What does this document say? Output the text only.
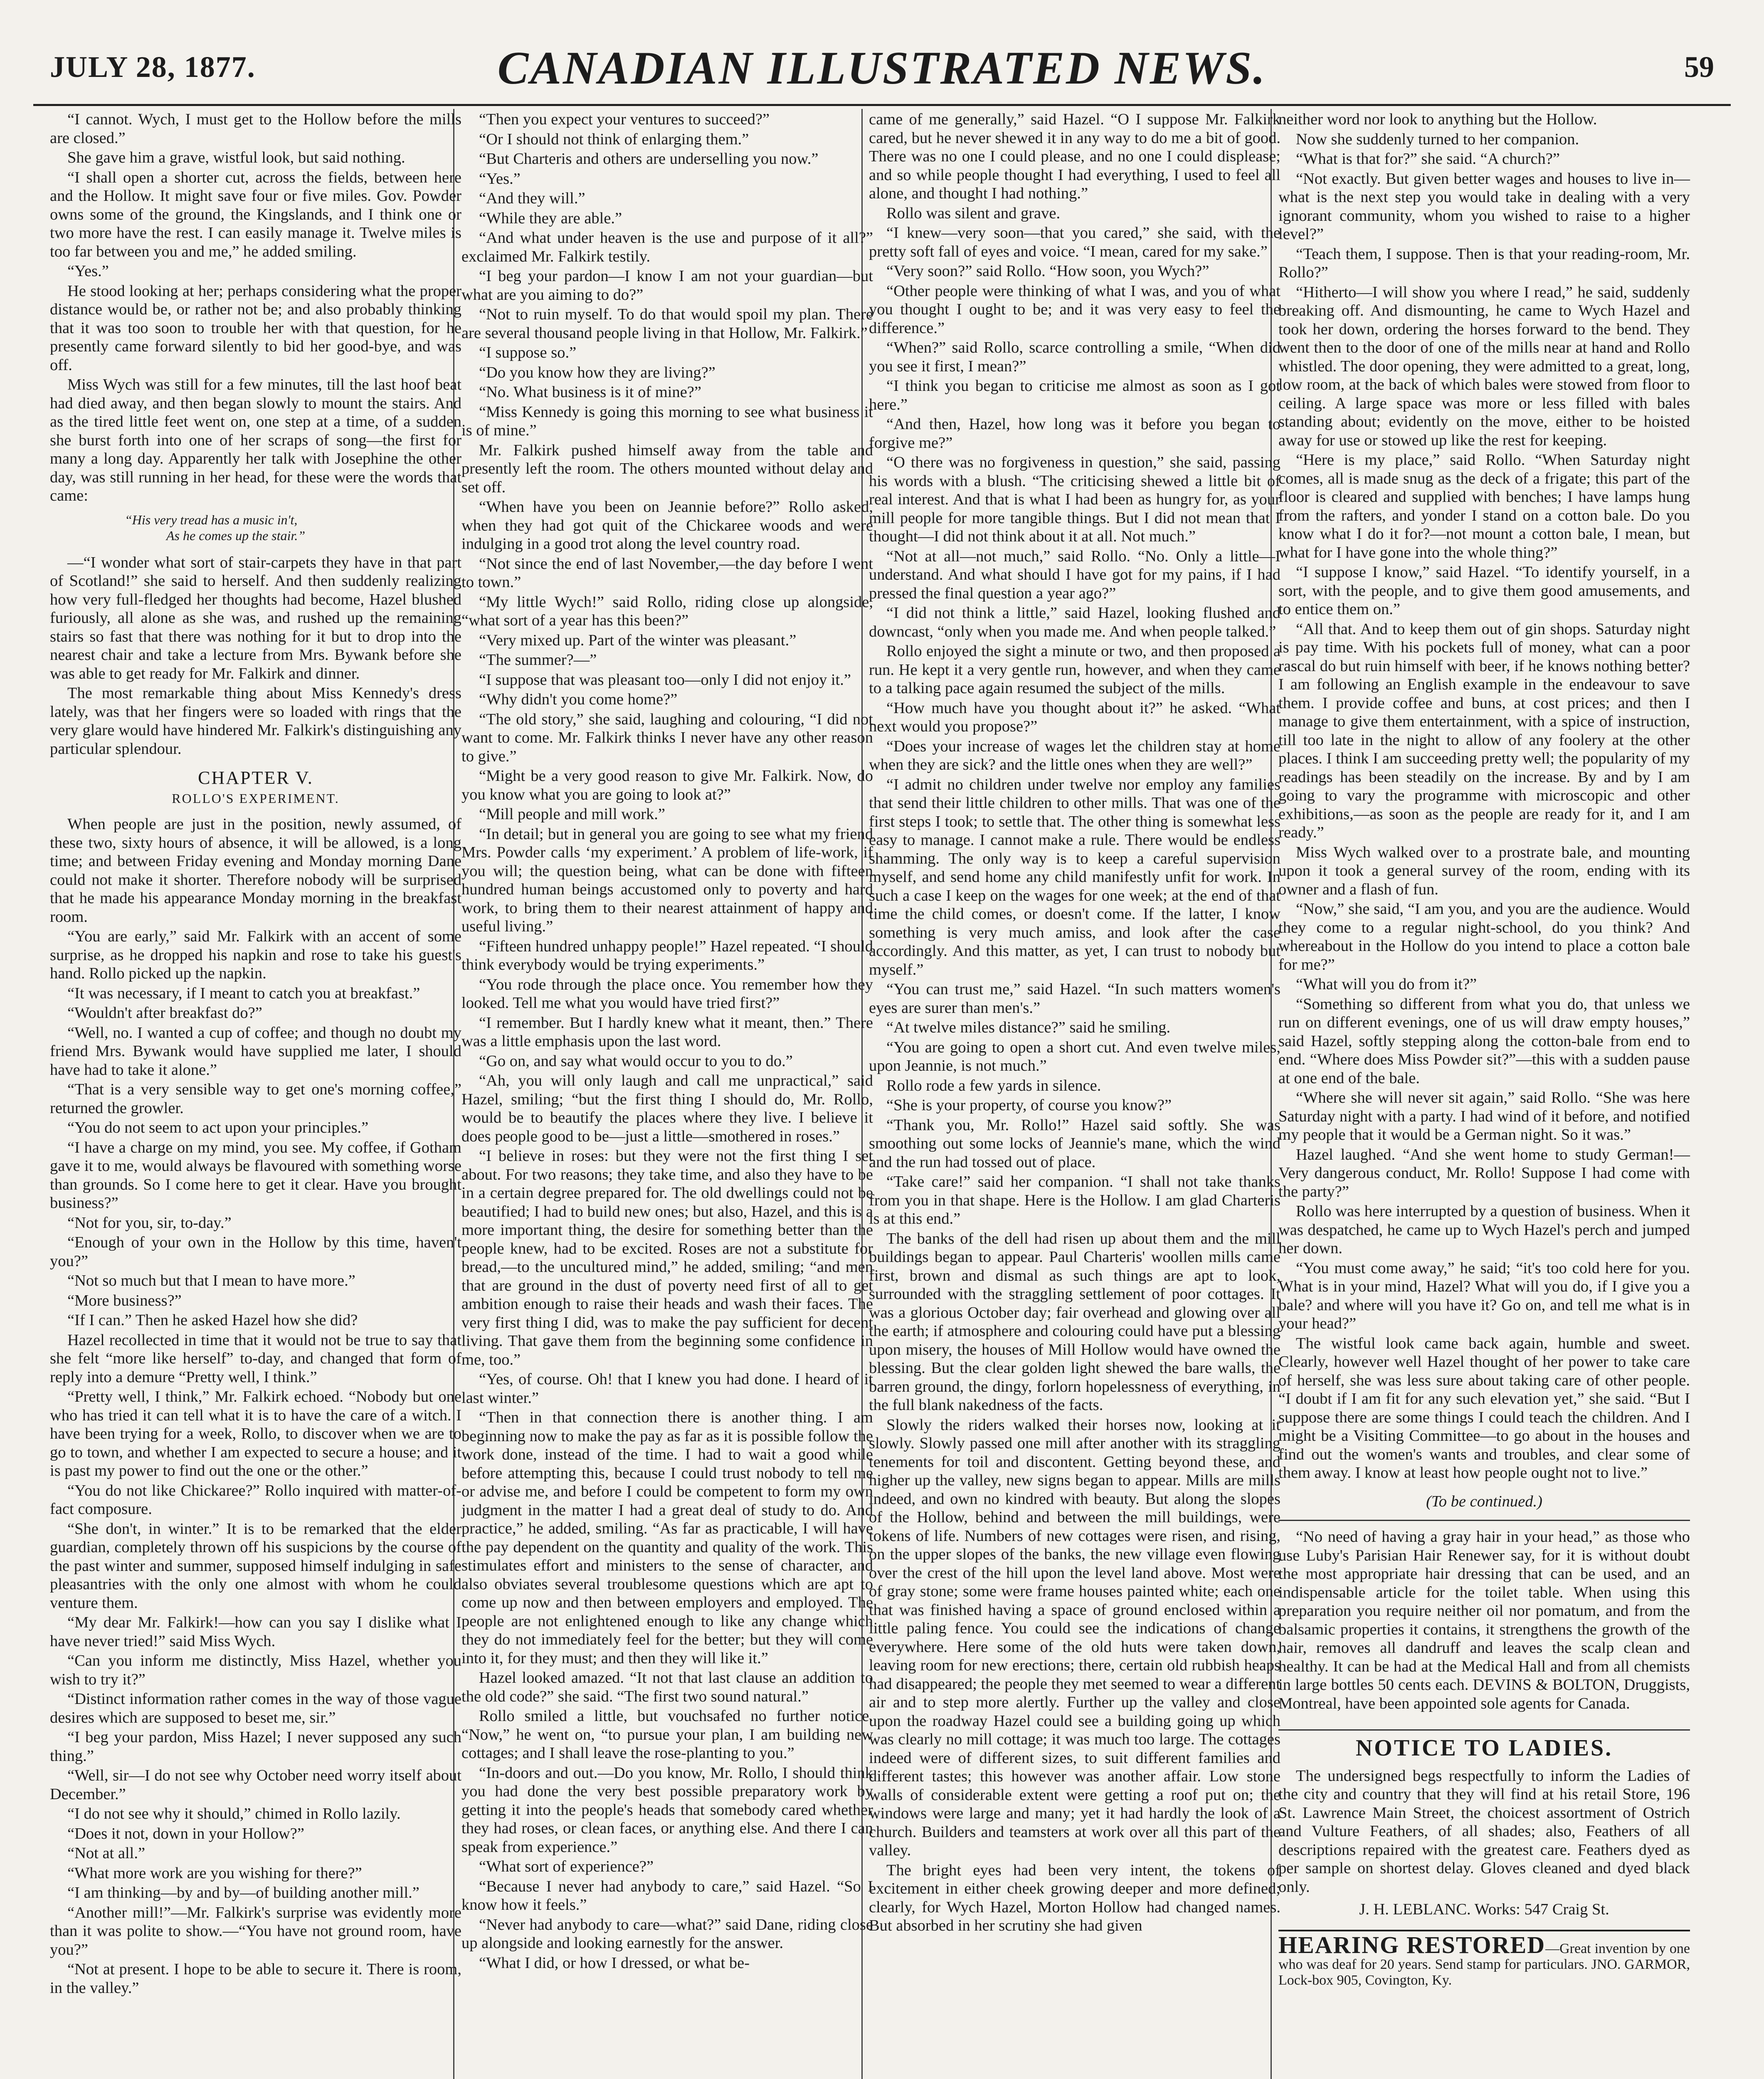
JULY 28, 1877.	CANADIAN ILLUSTRATED NEWS.	59

“I cannot. Wych, I must get to the Hollow before the mills are closed.”

She gave him a grave, wistful look, but said nothing.

“I shall open a shorter cut, across the fields, between here and the Hollow. It might save four or five miles. Gov. Powder owns some of the ground, the Kingslands, and I think one or two more have the rest. I can easily manage it. Twelve miles is too far between you and me,” he added smiling.

“Yes.”

He stood looking at her; perhaps considering what the proper distance would be, or rather not be; and also probably thinking that it was too soon to trouble her with that question, for he presently came forward silently to bid her good-bye, and was off.

Miss Wych was still for a few minutes, till the last hoof beat had died away, and then began slowly to mount the stairs. And as the tired little feet went on, one step at a time, of a sudden she burst forth into one of her scraps of song—the first for many a long day. Apparently her talk with Josephine the other day, was still running in her head, for these were the words that came:

“His very tread has a music in't,
As he comes up the stair.”

—“I wonder what sort of stair-carpets they have in that part of Scotland!” she said to herself. And then suddenly realizing how very full-fledged her thoughts had become, Hazel blushed furiously, all alone as she was, and rushed up the remaining stairs so fast that there was nothing for it but to drop into the nearest chair and take a lecture from Mrs. Bywank before she was able to get ready for Mr. Falkirk and dinner.

The most remarkable thing about Miss Kennedy's dress lately, was that her fingers were so loaded with rings that the very glare would have hindered Mr. Falkirk's distinguishing any particular splendour.

CHAPTER V.
ROLLO'S EXPERIMENT.

When people are just in the position, newly assumed, of these two, sixty hours of absence, it will be allowed, is a long time; and between Friday evening and Monday morning Dane could not make it shorter. Therefore nobody will be surprised that he made his appearance Monday morning in the breakfast room.

“You are early,” said Mr. Falkirk with an accent of some surprise, as he dropped his napkin and rose to take his guest's hand. Rollo picked up the napkin.

“It was necessary, if I meant to catch you at breakfast.”

“Wouldn't after breakfast do?”

“Well, no. I wanted a cup of coffee; and though no doubt my friend Mrs. Bywank would have supplied me later, I should have had to take it alone.”

“That is a very sensible way to get one's morning coffee,” returned the growler.

“You do not seem to act upon your principles.”

“I have a charge on my mind, you see. My coffee, if Gotham gave it to me, would always be flavoured with something worse than grounds. So I come here to get it clear. Have you brought business?”

“Not for you, sir, to-day.”

“Enough of your own in the Hollow by this time, haven't you?”

“Not so much but that I mean to have more.”

“More business?”

“If I can.” Then he asked Hazel how she did?

Hazel recollected in time that it would not be true to say that she felt “more like herself” to-day, and changed that form of reply into a demure “Pretty well, I think.”

“Pretty well, I think,” Mr. Falkirk echoed. “Nobody but one who has tried it can tell what it is to have the care of a witch. I have been trying for a week, Rollo, to discover when we are to go to town, and whether I am expected to secure a house; and it is past my power to find out the one or the other.”

“You do not like Chickaree?” Rollo inquired with matter-of-fact composure.

“She don't, in winter.” It is to be remarked that the elder guardian, completely thrown off his suspicions by the course of the past winter and summer, supposed himself indulging in safe pleasantries with the only one almost with whom he could venture them.

“My dear Mr. Falkirk!—how can you say I dislike what I have never tried!” said Miss Wych.

“Can you inform me distinctly, Miss Hazel, whether you wish to try it?”

“Distinct information rather comes in the way of those vague desires which are supposed to beset me, sir.”

“I beg your pardon, Miss Hazel; I never supposed any such thing.”

“Well, sir—I do not see why October need worry itself about December.”

“I do not see why it should,” chimed in Rollo lazily.

“Does it not, down in your Hollow?”

“Not at all.”

“What more work are you wishing for there?”

“I am thinking—by and by—of building another mill.”

“Another mill!”—Mr. Falkirk's surprise was evidently more than it was polite to show.—“You have not ground room, have you?”

“Not at present. I hope to be able to secure it. There is room, in the valley.”

“Then you expect your ventures to succeed?”

“Or I should not think of enlarging them.”

“But Charteris and others are underselling you now.”

“Yes.”

“And they will.”

“While they are able.”

“And what under heaven is the use and purpose of it all?” exclaimed Mr. Falkirk testily.

“I beg your pardon—I know I am not your guardian—but what are you aiming to do?”

“Not to ruin myself. To do that would spoil my plan. There are several thousand people living in that Hollow, Mr. Falkirk.”

“I suppose so.”

“Do you know how they are living?”

“No. What business is it of mine?”

“Miss Kennedy is going this morning to see what business it is of mine.”

Mr. Falkirk pushed himself away from the table and presently left the room. The others mounted without delay and set off.

“When have you been on Jeannie before?” Rollo asked, when they had got quit of the Chickaree woods and were indulging in a good trot along the level country road.

“Not since the end of last November,—the day before I went to town.”

“My little Wych!” said Rollo, riding close up alongside, “what sort of a year has this been?”

“Very mixed up. Part of the winter was pleasant.”

“The summer?—”

“I suppose that was pleasant too—only I did not enjoy it.”

“Why didn't you come home?”

“The old story,” she said, laughing and colouring, “I did not want to come. Mr. Falkirk thinks I never have any other reason to give.”

“Might be a very good reason to give Mr. Falkirk. Now, do you know what you are going to look at?”

“Mill people and mill work.”

“In detail; but in general you are going to see what my friend Mrs. Powder calls ‘my experiment.’ A problem of life-work, if you will; the question being, what can be done with fifteen hundred human beings accustomed only to poverty and hard work, to bring them to their nearest attainment of happy and useful living.”

“Fifteen hundred unhappy people!” Hazel repeated. “I should think everybody would be trying experiments.”

“You rode through the place once. You remember how they looked. Tell me what you would have tried first?”

“I remember. But I hardly knew what it meant, then.” There was a little emphasis upon the last word.

“Go on, and say what would occur to you to do.”

“Ah, you will only laugh and call me unpractical,” said Hazel, smiling; “but the first thing I should do, Mr. Rollo, would be to beautify the places where they live. I believe it does people good to be—just a little—smothered in roses.”

“I believe in roses: but they were not the first thing I set about. For two reasons; they take time, and also they have to be in a certain degree prepared for. The old dwellings could not be beautified; I had to build new ones; but also, Hazel, and this is a more important thing, the desire for something better than the people knew, had to be excited. Roses are not a substitute for bread,—to the uncultured mind,” he added, smiling; “and men that are ground in the dust of poverty need first of all to get ambition enough to raise their heads and wash their faces. The very first thing I did, was to make the pay sufficient for decent living. That gave them from the beginning some confidence in me, too.”

“Yes, of course. Oh! that I knew you had done. I heard of it last winter.”

“Then in that connection there is another thing. I am beginning now to make the pay as far as it is possible follow the work done, instead of the time. I had to wait a good while before attempting this, because I could trust nobody to tell me or advise me, and before I could be competent to form my own judgment in the matter I had a great deal of study to do. And practice,” he added, smiling. “As far as practicable, I will have the pay dependent on the quantity and quality of the work. This stimulates effort and ministers to the sense of character, and also obviates several troublesome questions which are apt to come up now and then between employers and employed. The people are not enlightened enough to like any change which they do not immediately feel for the better; but they will come into it, for they must; and then they will like it.”

Hazel looked amazed. “It not that last clause an addition to the old code?” she said. “The first two sound natural.”

Rollo smiled a little, but vouchsafed no further notice. “Now,” he went on, “to pursue your plan, I am building new cottages; and I shall leave the rose-planting to you.”

“In-doors and out.—Do you know, Mr. Rollo, I should think you had done the very best possible preparatory work by getting it into the people's heads that somebody cared whether they had roses, or clean faces, or anything else. And there I can speak from experience.”

“What sort of experience?”

“Because I never had anybody to care,” said Hazel. “So I know how it feels.”

“Never had anybody to care—what?” said Dane, riding close up alongside and looking earnestly for the answer.

“What I did, or how I dressed, or what be-

came of me generally,” said Hazel. “O I suppose Mr. Falkirk cared, but he never shewed it in any way to do me a bit of good. There was no one I could please, and no one I could displease; and so while people thought I had everything, I used to feel all alone, and thought I had nothing.”

Rollo was silent and grave.

“I knew—very soon—that you cared,” she said, with the pretty soft fall of eyes and voice. “I mean, cared for my sake.”

“Very soon?” said Rollo. “How soon, you Wych?”

“Other people were thinking of what I was, and you of what you thought I ought to be; and it was very easy to feel the difference.”

“When?” said Rollo, scarce controlling a smile, “When did you see it first, I mean?”

“I think you began to criticise me almost as soon as I got here.”

“And then, Hazel, how long was it before you began to forgive me?”

“O there was no forgiveness in question,” she said, passing his words with a blush. “The criticising shewed a little bit of real interest. And that is what I had been as hungry for, as your mill people for more tangible things. But I did not mean that I thought—I did not think about it at all. Not much.”

“Not at all—not much,” said Rollo. “No. Only a little—I understand. And what should I have got for my pains, if I had pressed the final question a year ago?”

“I did not think a little,” said Hazel, looking flushed and downcast, “only when you made me. And when people talked.”

Rollo enjoyed the sight a minute or two, and then proposed a run. He kept it a very gentle run, however, and when they came to a talking pace again resumed the subject of the mills.

“How much have you thought about it?” he asked. “What next would you propose?”

“Does your increase of wages let the children stay at home when they are sick? and the little ones when they are well?”

“I admit no children under twelve nor employ any families that send their little children to other mills. That was one of the first steps I took; to settle that. The other thing is somewhat less easy to manage. I cannot make a rule. There would be endless shamming. The only way is to keep a careful supervision myself, and send home any child manifestly unfit for work. In such a case I keep on the wages for one week; at the end of that time the child comes, or doesn't come. If the latter, I know something is very much amiss, and look after the case accordingly. And this matter, as yet, I can trust to nobody but myself.”

“You can trust me,” said Hazel. “In such matters women's eyes are surer than men's.”

“At twelve miles distance?” said he smiling.

“You are going to open a short cut. And even twelve miles, upon Jeannie, is not much.”

Rollo rode a few yards in silence.

“She is your property, of course you know?”

“Thank you, Mr. Rollo!” Hazel said softly. She was smoothing out some locks of Jeannie's mane, which the wind and the run had tossed out of place.

“Take care!” said her companion. “I shall not take thanks from you in that shape. Here is the Hollow. I am glad Charteris is at this end.”

The banks of the dell had risen up about them and the mill buildings began to appear. Paul Charteris' woollen mills came first, brown and dismal as such things are apt to look, surrounded with the straggling settlement of poor cottages. It was a glorious October day; fair overhead and glowing over all the earth; if atmosphere and colouring could have put a blessing upon misery, the houses of Mill Hollow would have owned the blessing. But the clear golden light shewed the bare walls, the barren ground, the dingy, forlorn hopelessness of everything, in the full blank nakedness of the facts.

Slowly the riders walked their horses now, looking at it slowly. Slowly passed one mill after another with its straggling tenements for toil and discontent. Getting beyond these, and higher up the valley, new signs began to appear. Mills are mills indeed, and own no kindred with beauty. But along the slopes of the Hollow, behind and between the mill buildings, were tokens of life. Numbers of new cottages were risen, and rising, on the upper slopes of the banks, the new village even flowing over the crest of the hill upon the level land above. Most were of gray stone; some were frame houses painted white; each one that was finished having a space of ground enclosed within a little paling fence. You could see the indications of change everywhere. Here some of the old huts were taken down, leaving room for new erections; there, certain old rubbish heaps had disappeared; the people they met seemed to wear a different air and to step more alertly. Further up the valley and close upon the roadway Hazel could see a building going up which was clearly no mill cottage; it was much too large. The cottages indeed were of different sizes, to suit different families and different tastes; this however was another affair. Low stone walls of considerable extent were getting a roof put on; the windows were large and many; yet it had hardly the look of a church. Builders and teamsters at work over all this part of the valley.

The bright eyes had been very intent, the tokens of excitement in either cheek growing deeper and more defined; clearly, for Wych Hazel, Morton Hollow had changed names. But absorbed in her scrutiny she had given

neither word nor look to anything but the Hollow.

Now she suddenly turned to her companion.

“What is that for?” she said. “A church?”

“Not exactly. But given better wages and houses to live in—what is the next step you would take in dealing with a very ignorant community, whom you wished to raise to a higher level?”

“Teach them, I suppose. Then is that your reading-room, Mr. Rollo?”

“Hitherto—I will show you where I read,” he said, suddenly breaking off. And dismounting, he came to Wych Hazel and took her down, ordering the horses forward to the bend. They went then to the door of one of the mills near at hand and Rollo whistled. The door opening, they were admitted to a great, long, low room, at the back of which bales were stowed from floor to ceiling. A large space was more or less filled with bales standing about; evidently on the move, either to be hoisted away for use or stowed up like the rest for keeping.

“Here is my place,” said Rollo. “When Saturday night comes, all is made snug as the deck of a frigate; this part of the floor is cleared and supplied with benches; I have lamps hung from the rafters, and yonder I stand on a cotton bale. Do you know what I do it for?—not mount a cotton bale, I mean, but what for I have gone into the whole thing?”

“I suppose I know,” said Hazel. “To identify yourself, in a sort, with the people, and to give them good amusements, and to entice them on.”

“All that. And to keep them out of gin shops. Saturday night is pay time. With his pockets full of money, what can a poor rascal do but ruin himself with beer, if he knows nothing better? I am following an English example in the endeavour to save them. I provide coffee and buns, at cost prices; and then I manage to give them entertainment, with a spice of instruction, till too late in the night to allow of any foolery at the other places. I think I am succeeding pretty well; the popularity of my readings has been steadily on the increase. By and by I am going to vary the programme with microscopic and other exhibitions,—as soon as the people are ready for it, and I am ready.”

Miss Wych walked over to a prostrate bale, and mounting upon it took a general survey of the room, ending with its owner and a flash of fun.

“Now,” she said, “I am you, and you are the audience. Would they come to a regular night-school, do you think? And whereabout in the Hollow do you intend to place a cotton bale for me?”

“What will you do from it?”

“Something so different from what you do, that unless we run on different evenings, one of us will draw empty houses,” said Hazel, softly stepping along the cotton-bale from end to end. “Where does Miss Powder sit?”—this with a sudden pause at one end of the bale.

“Where she will never sit again,” said Rollo. “She was here Saturday night with a party. I had wind of it before, and notified my people that it would be a German night. So it was.”

Hazel laughed. “And she went home to study German!—Very dangerous conduct, Mr. Rollo! Suppose I had come with the party?”

Rollo was here interrupted by a question of business. When it was despatched, he came up to Wych Hazel's perch and jumped her down.

“You must come away,” he said; “it's too cold here for you. What is in your mind, Hazel? What will you do, if I give you a bale? and where will you have it? Go on, and tell me what is in your head?”

The wistful look came back again, humble and sweet. Clearly, however well Hazel thought of her power to take care of herself, she was less sure about taking care of other people. “I doubt if I am fit for any such elevation yet,” she said. “But I suppose there are some things I could teach the children. And I might be a Visiting Committee—to go about in the houses and find out the women's wants and troubles, and clear some of them away. I know at least how people ought not to live.”

(To be continued.)

“No need of having a gray hair in your head,” as those who use Luby's Parisian Hair Renewer say, for it is without doubt the most appropriate hair dressing that can be used, and an indispensable article for the toilet table. When using this preparation you require neither oil nor pomatum, and from the balsamic properties it contains, it strengthens the growth of the hair, removes all dandruff and leaves the scalp clean and healthy. It can be had at the Medical Hall and from all chemists in large bottles 50 cents each. DEVINS & BOLTON, Druggists, Montreal, have been appointed sole agents for Canada.

NOTICE TO LADIES.

The undersigned begs respectfully to inform the Ladies of the city and country that they will find at his retail Store, 196 St. Lawrence Main Street, the choicest assortment of Ostrich and Vulture Feathers, of all shades; also, Feathers of all descriptions repaired with the greatest care. Feathers dyed as per sample on shortest delay. Gloves cleaned and dyed black only.

J. H. LEBLANC. Works: 547 Craig St.
HEARING RESTORED—Great invention by one who was deaf for 20 years. Send stamp for particulars. JNO. GARMOR, Lock-box 905, Covington, Ky.
